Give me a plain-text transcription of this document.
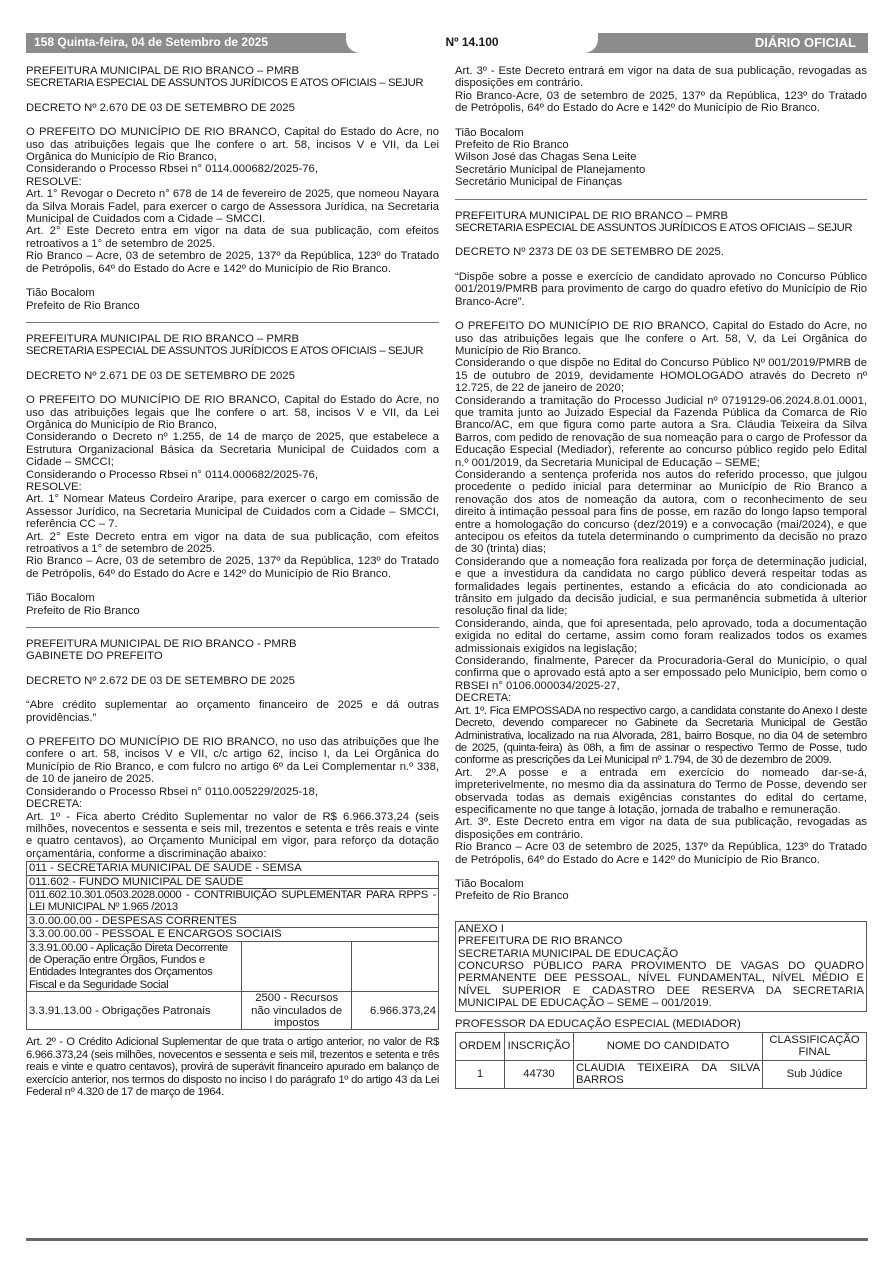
158 Quinta-feira, 04 de Setembro de 2025	Nº 14.100	DIÁRIO OFICIAL

PREFEITURA MUNICIPAL DE RIO BRANCO – PMRB

SECRETARIA ESPECIAL DE ASSUNTOS JURÍDICOS E ATOS OFICIAIS – SEJUR

DECRETO Nº 2.670 DE 03 DE SETEMBRO DE 2025

O PREFEITO DO MUNICÍPIO DE RIO BRANCO, Capital do Estado do Acre, no uso das atribuições legais que lhe confere o art. 58, incisos V e VII, da Lei Orgânica do Município de Rio Branco,

Considerando o Processo Rbsei n° 0114.000682/2025-76,

RESOLVE:

Art. 1° Revogar o Decreto n° 678 de 14 de fevereiro de 2025, que nomeou Nayara da Silva Morais Fadel, para exercer o cargo de Assessora Jurídica, na Secretaria Municipal de Cuidados com a Cidade – SMCCI.

Art. 2° Este Decreto entra em vigor na data de sua publicação, com efeitos retroativos a 1° de setembro de 2025.

Rio Branco – Acre, 03 de setembro de 2025, 137º da República, 123º do Tratado de Petrópolis, 64º do Estado do Acre e 142º do Município de Rio Branco.

Tião Bocalom

Prefeito de Rio Branco

PREFEITURA MUNICIPAL DE RIO BRANCO – PMRB

SECRETARIA ESPECIAL DE ASSUNTOS JURÍDICOS E ATOS OFICIAIS – SEJUR

DECRETO Nº 2.671 DE 03 DE SETEMBRO DE 2025

O PREFEITO DO MUNICÍPIO DE RIO BRANCO, Capital do Estado do Acre, no uso das atribuições legais que lhe confere o art. 58, incisos V e VII, da Lei Orgânica do Município de Rio Branco,

Considerando o Decreto nº 1.255, de 14 de março de 2025, que estabelece a Estrutura Organizacional Básica da Secretaria Municipal de Cuidados com a Cidade – SMCCI;

Considerando o Processo Rbsei n° 0114.000682/2025-76,

RESOLVE:

Art. 1° Nomear Mateus Cordeiro Araripe, para exercer o cargo em comissão de Assessor Jurídico, na Secretaria Municipal de Cuidados com a Cidade – SMCCI, referência CC – 7.

Art. 2° Este Decreto entra em vigor na data de sua publicação, com efeitos retroativos a 1° de setembro de 2025.

Rio Branco – Acre, 03 de setembro de 2025, 137º da República, 123º do Tratado de Petrópolis, 64º do Estado do Acre e 142º do Município de Rio Branco.

Tião Bocalom

Prefeito de Rio Branco

PREFEITURA MUNICIPAL DE RIO BRANCO - PMRB

GABINETE DO PREFEITO

DECRETO Nº 2.672 DE 03 DE SETEMBRO DE 2025

“Abre crédito suplementar ao orçamento financeiro de 2025 e dá outras providências.”

O PREFEITO DO MUNICÍPIO DE RIO BRANCO, no uso das atribuições que lhe confere o art. 58, incisos V e VII, c/c artigo 62, inciso I, da Lei Orgânica do Município de Rio Branco, e com fulcro no artigo 6º da Lei Complementar n.º 338, de 10 de janeiro de 2025.

Considerando o Processo Rbsei n° 0110.005229/2025-18,

DECRETA:

Art. 1º - Fica aberto Crédito Suplementar no valor de R$ 6.966.373,24 (seis milhões, novecentos e sessenta e seis mil, trezentos e setenta e três reais e vinte e quatro centavos), ao Orçamento Municipal em vigor, para reforço da dotação orçamentária, conforme a discriminação abaixo:

011 - SECRETARIA MUNICIPAL DE SAÚDE - SEMSA		
011.602 - FUNDO MUNICIPAL DE SAÚDE		
011.602.10.301.0503.2028.0000 - CONTRIBUIÇÃO SUPLEMENTAR PARA RPPS - LEI MUNICIPAL Nº 1.965 /2013		
3.0.00.00.00 - DESPESAS CORRENTES		
3.3.00.00.00 - PESSOAL E ENCARGOS SOCIAIS		
3.3.91.00.00 - Aplicação Direta Decorrente de Operação entre Órgãos, Fundos e Entidades Integrantes dos Orçamentos Fiscal e da Seguridade Social		
3.3.91.13.00 - Obrigações Patronais	2500 - Recursos não vinculados de impostos	6.966.373,24

Art. 2º - O Crédito Adicional Suplementar de que trata o artigo anterior, no valor de R$ 6.966.373,24 (seis milhões, novecentos e sessenta e seis mil, trezentos e setenta e três reais e vinte e quatro centavos), provirá de superávit financeiro apurado em balanço de exercício anterior, nos termos do disposto no inciso I do parágrafo 1º do artigo 43 da Lei Federal nº 4.320 de 17 de março de 1964.

Art. 3º - Este Decreto entrará em vigor na data de sua publicação, revogadas as disposições em contrário.

Rio Branco-Acre, 03 de setembro de 2025, 137º da República, 123º do Tratado de Petrópolis, 64º do Estado do Acre e 142º do Município de Rio Branco.

Tião Bocalom

Prefeito de Rio Branco

Wilson José das Chagas Sena Leite

Secretário Municipal de Planejamento

Secretário Municipal de Finanças

PREFEITURA MUNICIPAL DE RIO BRANCO – PMRB

SECRETARIA ESPECIAL DE ASSUNTOS JURÍDICOS E ATOS OFICIAIS – SEJUR

DECRETO Nº 2373 DE 03 DE SETEMBRO DE 2025.

“Dispõe sobre a posse e exercício de candidato aprovado no Concurso Público 001/2019/PMRB para provimento de cargo do quadro efetivo do Município de Rio Branco-Acre”.

O PREFEITO DO MUNICÍPIO DE RIO BRANCO, Capital do Estado do Acre, no uso das atribuições legais que lhe confere o Art. 58, V, da Lei Orgânica do Município de Rio Branco.

Considerando o que dispõe no Edital do Concurso Público Nº 001/2019/PMRB de 15 de outubro de 2019, devidamente HOMOLOGADO através do Decreto nº 12.725, de 22 de janeiro de 2020;

Considerando a tramitação do Processo Judicial nº 0719129-06.2024.8.01.0001, que tramita junto ao Juizado Especial da Fazenda Pública da Comarca de Rio Branco/AC, em que figura como parte autora a Sra. Cláudia Teixeira da Silva Barros, com pedido de renovação de sua nomeação para o cargo de Professor da Educação Especial (Mediador), referente ao concurso público regido pelo Edital n.º 001/2019, da Secretaria Municipal de Educação – SEME;

Considerando a sentença proferida nos autos do referido processo, que julgou procedente o pedido inicial para determinar ao Município de Rio Branco a renovação dos atos de nomeação da autora, com o reconhecimento de seu direito à intimação pessoal para fins de posse, em razão do longo lapso temporal entre a homologação do concurso (dez/2019) e a convocação (mai/2024), e que antecipou os efeitos da tutela determinando o cumprimento da decisão no prazo de 30 (trinta) dias;

Considerando que a nomeação fora realizada por força de determinação judicial, e que a investidura da candidata no cargo público deverá respeitar todas as formalidades legais pertinentes, estando a eficácia do ato condicionada ao trânsito em julgado da decisão judicial, e sua permanência submetida à ulterior resolução final da lide;

Considerando, ainda, que foi apresentada, pelo aprovado, toda a documentação exigida no edital do certame, assim como foram realizados todos os exames admissionais exigidos na legislação;

Considerando, finalmente, Parecer da Procuradoria-Geral do Município, o qual confirma que o aprovado está apto a ser empossado pelo Município, bem como o RBSEI n° 0106.000034/2025-27,

DECRETA:

Art. 1º. Fica EMPOSSADA no respectivo cargo, a candidata constante do Anexo I deste Decreto, devendo comparecer no Gabinete da Secretaria Municipal de Gestão Administrativa, localizado na rua Alvorada, 281, bairro Bosque, no dia 04 de setembro de 2025, (quinta-feira) às 08h, a fim de assinar o respectivo Termo de Posse, tudo conforme as prescrições da Lei Municipal nº 1.794, de 30 de dezembro de 2009.

Art. 2º.A posse e a entrada em exercício do nomeado dar-se-á, impreterivelmente, no mesmo dia da assinatura do Termo de Posse, devendo ser observada todas as demais exigências constantes do edital do certame, especificamente no que tange à lotação, jornada de trabalho e remuneração.

Art. 3º. Este Decreto entra em vigor na data de sua publicação, revogadas as disposições em contrário.

Rio Branco – Acre 03 de setembro de 2025, 137º da República, 123º do Tratado de Petrópolis, 64º do Estado do Acre e 142º do Município de Rio Branco.

Tião Bocalom

Prefeito de Rio Branco

ANEXO I

PREFEITURA DE RIO BRANCO

SECRETARIA MUNICIPAL DE EDUCAÇÃO

CONCURSO PÚBLICO PARA PROVIMENTO DE VAGAS DO QUADRO PERMANENTE DEE PESSOAL, NÍVEL FUNDAMENTAL, NÍVEL MÉDIO E NÍVEL SUPERIOR E CADASTRO DEE RESERVA DA SECRETARIA MUNICIPAL DE EDUCAÇÃO – SEME – 001/2019.

PROFESSOR DA EDUCAÇÃO ESPECIAL (MEDIADOR)

ORDEM	INSCRIÇÃO	NOME DO CANDIDATO	CLASSIFICAÇÃO FINAL
1	44730	CLAUDIA TEIXEIRA DA SILVA BARROS	Sub Júdice
